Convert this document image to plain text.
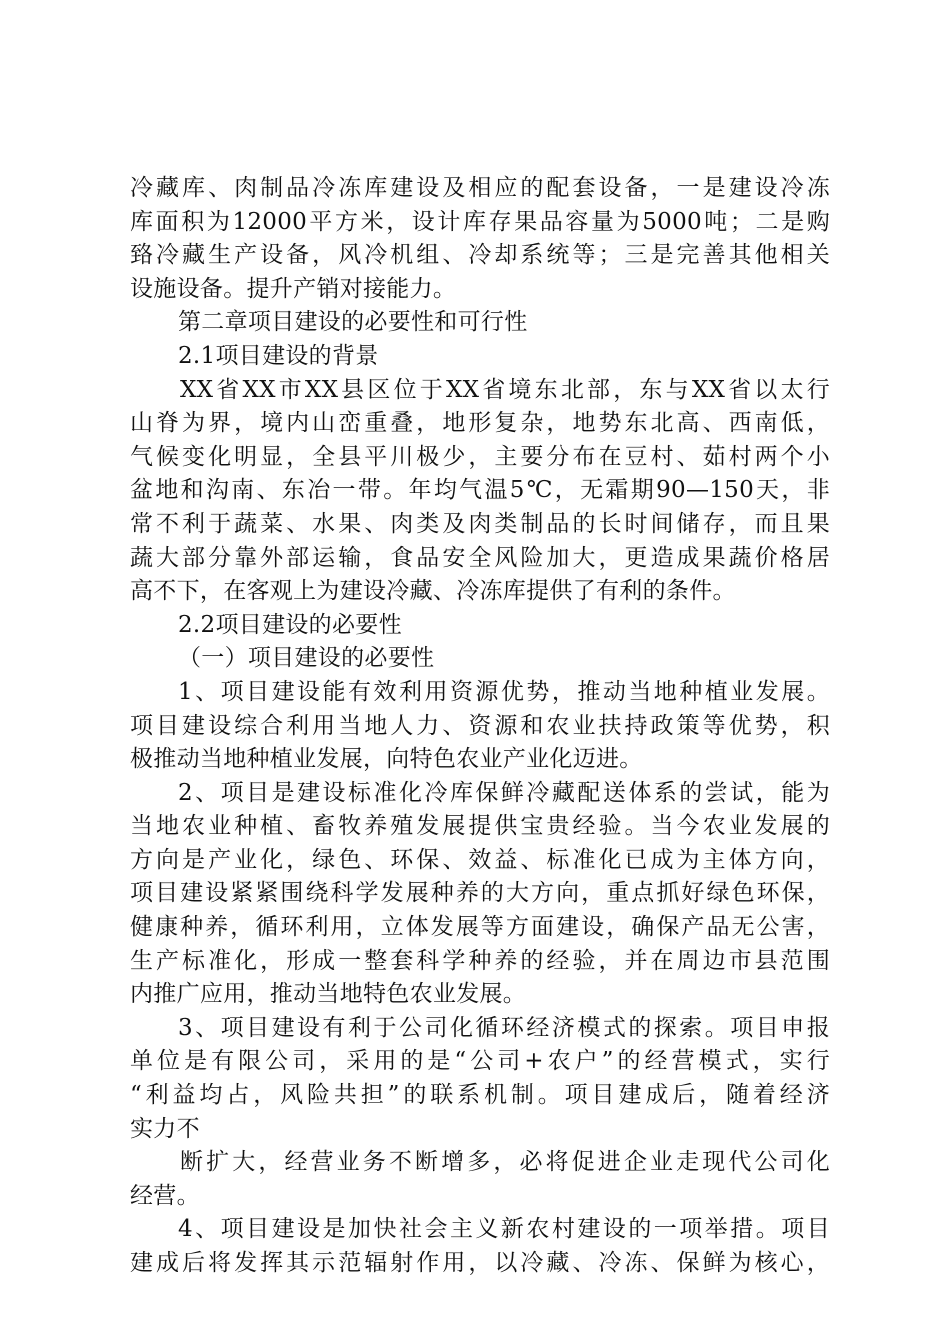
冷藏库、肉制品冷冻库建设及相应的配套设备，一是建设冷冻
库面积为12000平方米，设计库存果品容量为5000吨；二是购
臵冷藏生产设备，风冷机组、冷却系统等；三是完善其他相关
设施设备。提升产销对接能力。
第二章项目建设的必要性和可行性
2.1项目建设的背景
XX省XX市XX县区位于XX省境东北部，东与XX省以太行
山脊为界，境内山峦重叠，地形复杂，地势东北高、西南低，
气候变化明显，全县平川极少，主要分布在豆村、茹村两个小
盆地和沟南、东冶一带。年均气温5℃，无霜期90—150天，非
常不利于蔬菜、水果、肉类及肉类制品的长时间储存，而且果
蔬大部分靠外部运输，食品安全风险加大，更造成果蔬价格居
高不下，在客观上为建设冷藏、冷冻库提供了有利的条件。
2.2项目建设的必要性
（一）项目建设的必要性
1、项目建设能有效利用资源优势，推动当地种植业发展。
项目建设综合利用当地人力、资源和农业扶持政策等优势，积
极推动当地种植业发展，向特色农业产业化迈进。
2、项目是建设标准化冷库保鲜冷藏配送体系的尝试，能为
当地农业种植、畜牧养殖发展提供宝贵经验。当今农业发展的
方向是产业化，绿色、环保、效益、标准化已成为主体方向，
项目建设紧紧围绕科学发展种养的大方向，重点抓好绿色环保，
健康种养，循环利用，立体发展等方面建设，确保产品无公害，
生产标准化，形成一整套科学种养的经验，并在周边市县范围
内推广应用，推动当地特色农业发展。
3、项目建设有利于公司化循环经济模式的探索。项目申报
单位是有限公司，采用的是“公司+农户”的经营模式，实行
“利益均占，风险共担”的联系机制。项目建成后，随着经济
实力不
断扩大，经营业务不断增多，必将促进企业走现代公司化
经营。
4、项目建设是加快社会主义新农村建设的一项举措。项目
建成后将发挥其示范辐射作用，以冷藏、冷冻、保鲜为核心，
